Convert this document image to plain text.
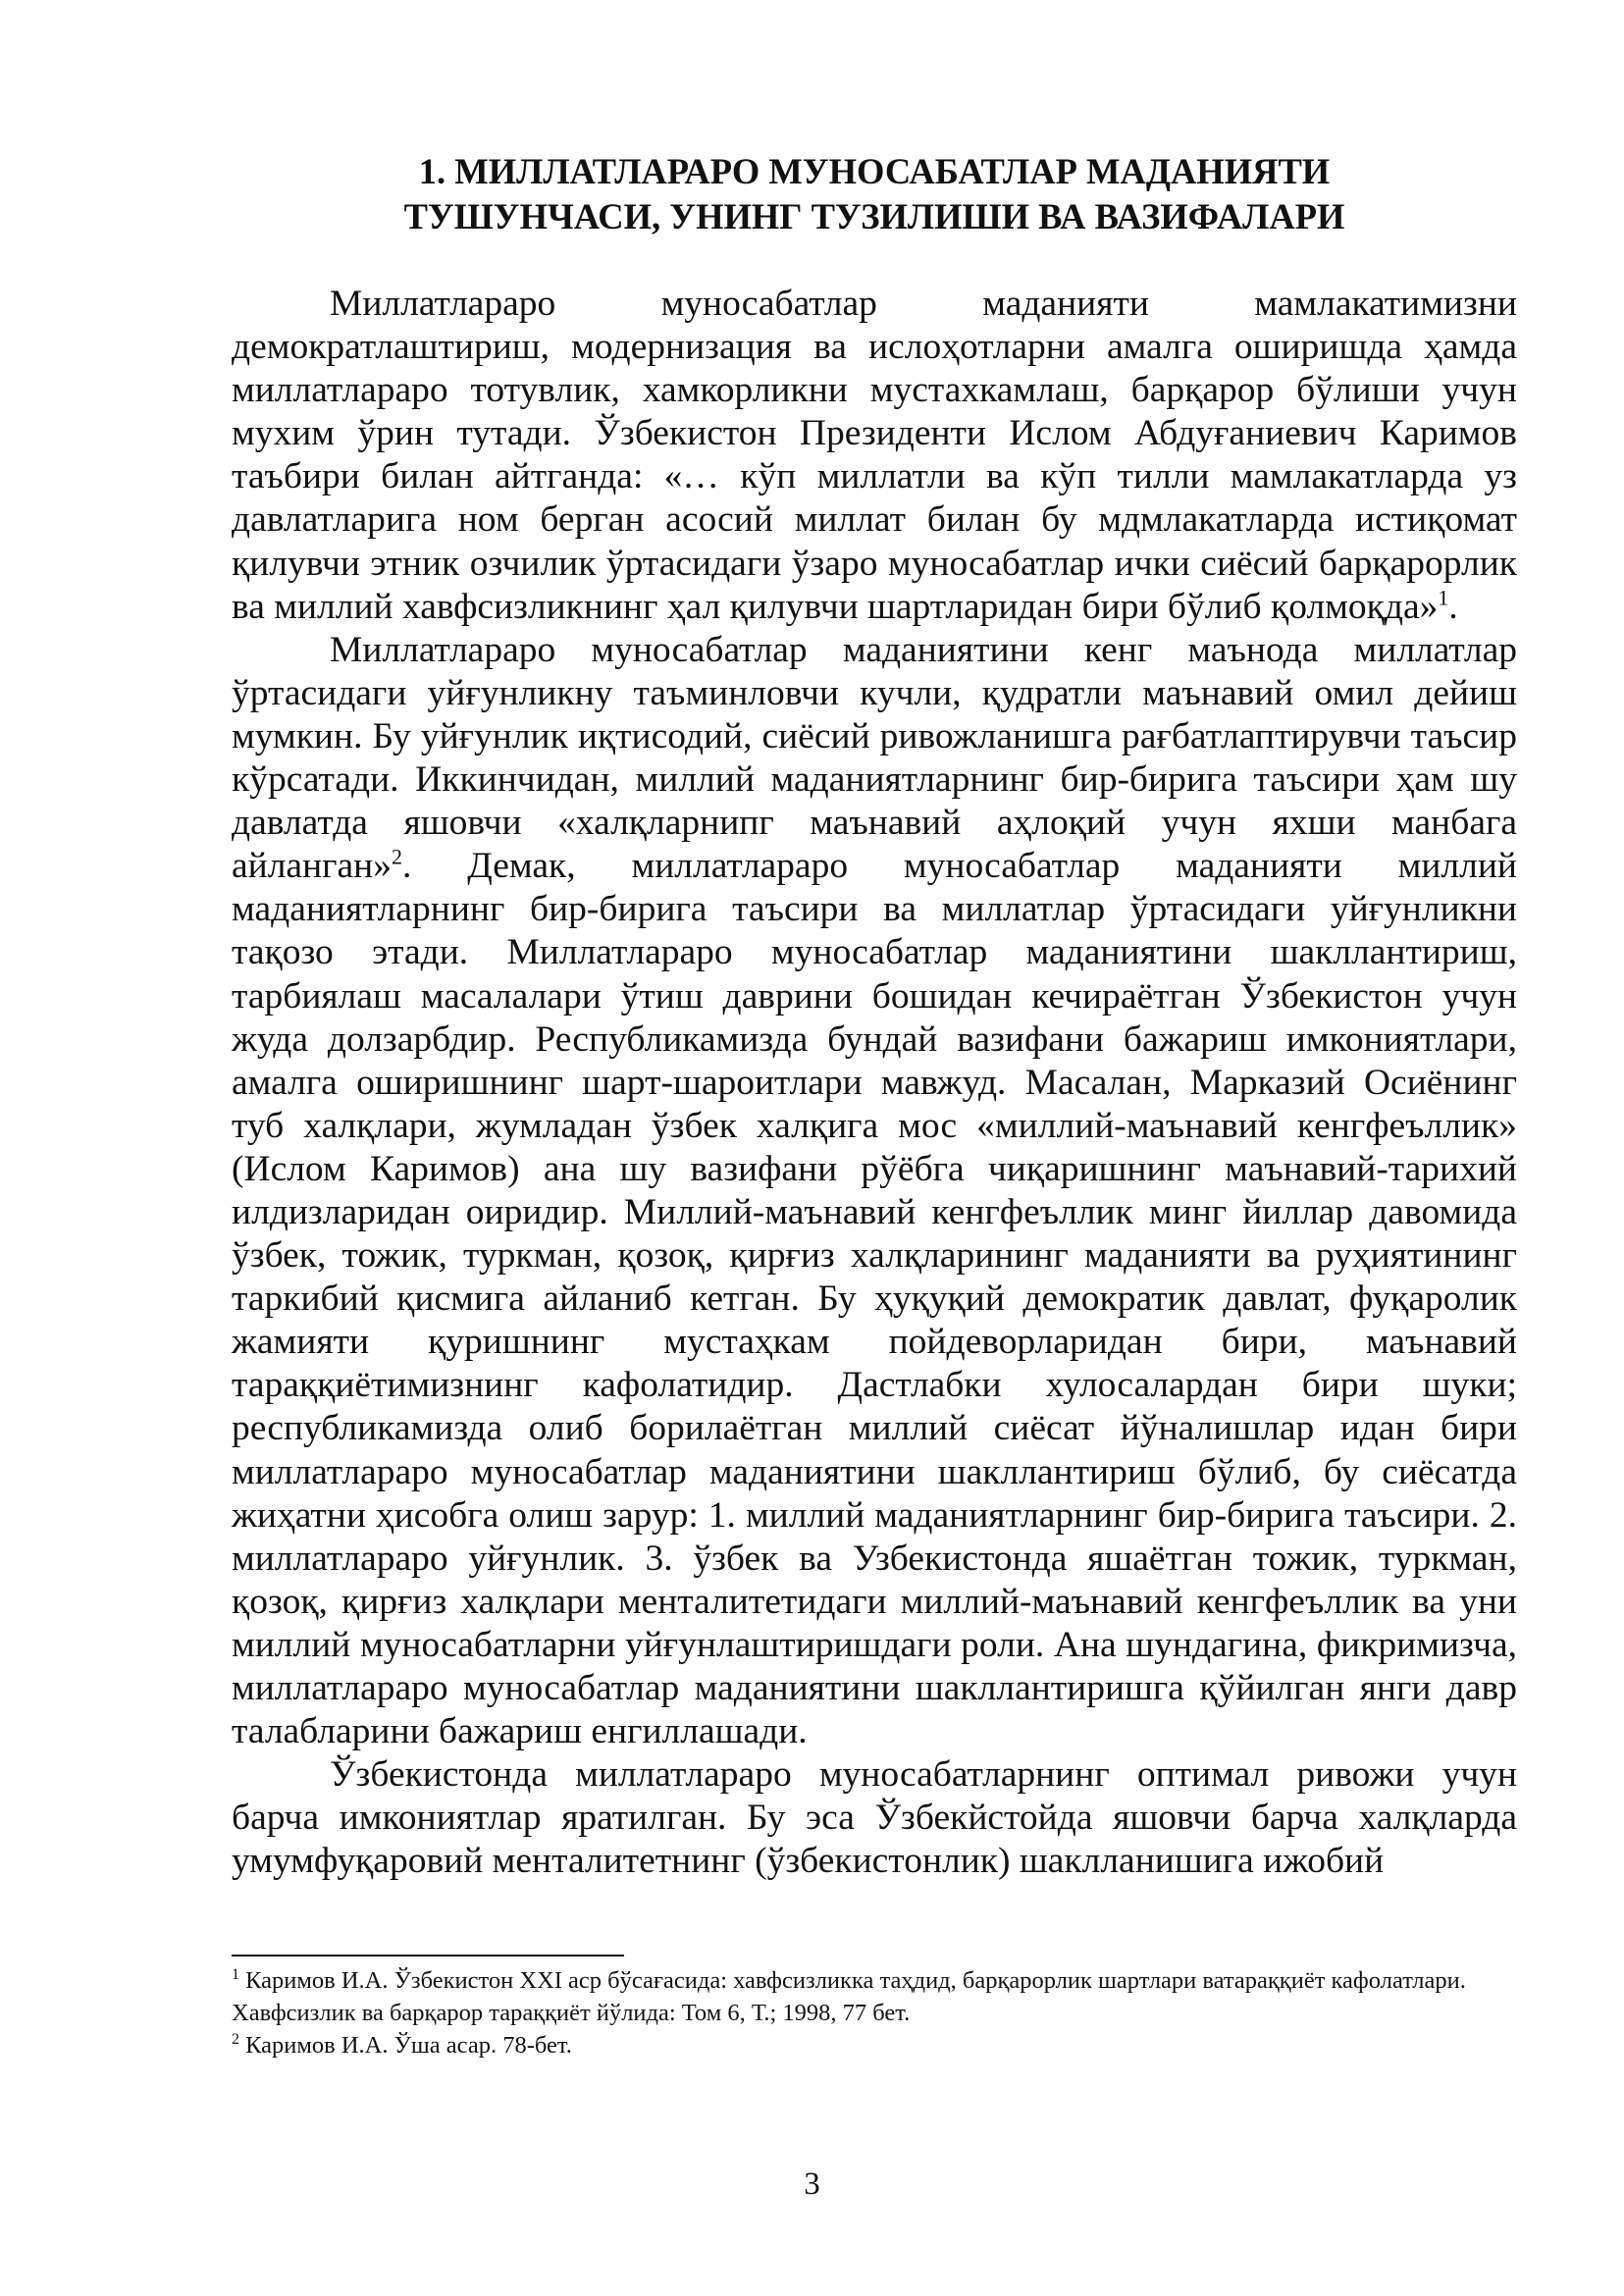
1. МИЛЛАТЛАРАРО МУНОСАБАТЛАР МАДАНИЯТИ
ТУШУНЧАСИ, УНИНГ ТУЗИЛИШИ ВА ВАЗИФАЛАРИ

Миллатлараро муносабатлар маданияти мамлакатимизни демократлаштириш, модернизация ва ислоҳотларни амалга оширишда ҳамда миллатлараро тотувлик, хамкорликни мустахкамлаш, барқарор бўлиши учун мухим ўрин тутади. Ўзбекистон Президенти Ислом Абдуғаниевич Каримов таъбири билан айтганда: «… кўп миллатли ва кўп тилли мамлакатларда уз давлатларига ном берган асосий миллат билан бу мдмлакатларда истиқомат қилувчи этник озчилик ўртасидаги ўзаро муносабатлар ички сиёсий барқарорлик ва миллий хавфсизликнинг ҳал қилувчи шартларидан бири бўлиб қолмоқда»$^1$.

Миллатлараро муносабатлар маданиятини кенг маънода миллатлар ўртасидаги уйғунликну таъминловчи кучли, қудратли маънавий омил дейиш мумкин. Бу уйғунлик иқтисодий, сиёсий ривожланишга рағбатлаптирувчи таъсир кўрсатади. Иккинчидан, миллий маданиятларнинг бир-бирига таъсири ҳам шу давлатда яшовчи «халқларнипг маънавий аҳлоқий учун яхши манбага айланган»$^2$. Демак, миллатлараро муносабатлар маданияти миллий маданиятларнинг бир-бирига таъсири ва миллатлар ўртасидаги уйғунликни тақозо этади. Миллатлараро муносабатлар маданиятини шакллантириш, тарбиялаш масалалари ўтиш даврини бошидан кечираётган Ўзбекистон учун жуда долзарбдир. Республикамизда бундай вазифани бажариш имкониятлари, амалга оширишнинг шарт-шароитлари мавжуд. Масалан, Марказий Осиёнинг туб халқлари, жумладан ўзбек халқига мос «миллий-маънавий кенгфеъллик» (Ислом Каримов) ана шу вазифани рўёбга чиқаришнинг маънавий-тарихий илдизларидан оиридир. Миллий-маънавий кенгфеъллик минг йиллар давомида ўзбек, тожик, туркман, қозоқ, қирғиз халқларининг маданияти ва руҳиятининг таркибий қисмига айланиб кетган. Бу ҳуқуқий демократик давлат, фуқаролик жамияти қуришнинг мустаҳкам пойдеворларидан бири, маънавий тараққиётимизнинг кафолатидир. Дастлабки хулосалардан бири шуки; республикамизда олиб борилаётган миллий сиёсат йўналишлар идан бири миллатлараро муносабатлар маданиятини шакллантириш бўлиб, бу сиёсатда жиҳатни ҳисобга олиш зарур: 1. миллий маданиятларнинг бир-бирига таъсири. 2. миллатлараро уйғунлик. 3. ўзбек ва Узбекистонда яшаётган тожик, туркман, қозоқ, қирғиз халқлари менталитетидаги миллий-маънавий кенгфеъллик ва уни миллий муносабатларни уйғунлаштиришдаги роли. Ана шундагина, фикримизча, миллатлараро муносабатлар маданиятини шакллантиришга қўйилган янги давр талабларини бажариш енгиллашади.

Ўзбекистонда миллатлараро муносабатларнинг оптимал ривожи учун барча имкониятлар яратилган. Бу эса Ўзбекйстойда яшовчи барча халқларда умумфуқаровий менталитетнинг (ўзбекистонлик) шаклланишига ижобий

$^1$ Каримов И.А. Ўзбекистон XXI аср бўсағасида: хавфсизликка таҳдид, барқарорлик шартлари ватараққиёт кафолатлари. Хавфсизлик ва барқарор тараққиёт йўлида: Том 6, Т.; 1998, 77 бет.

$^2$ Каримов И.А. Ўша асар. 78-бет.

3
